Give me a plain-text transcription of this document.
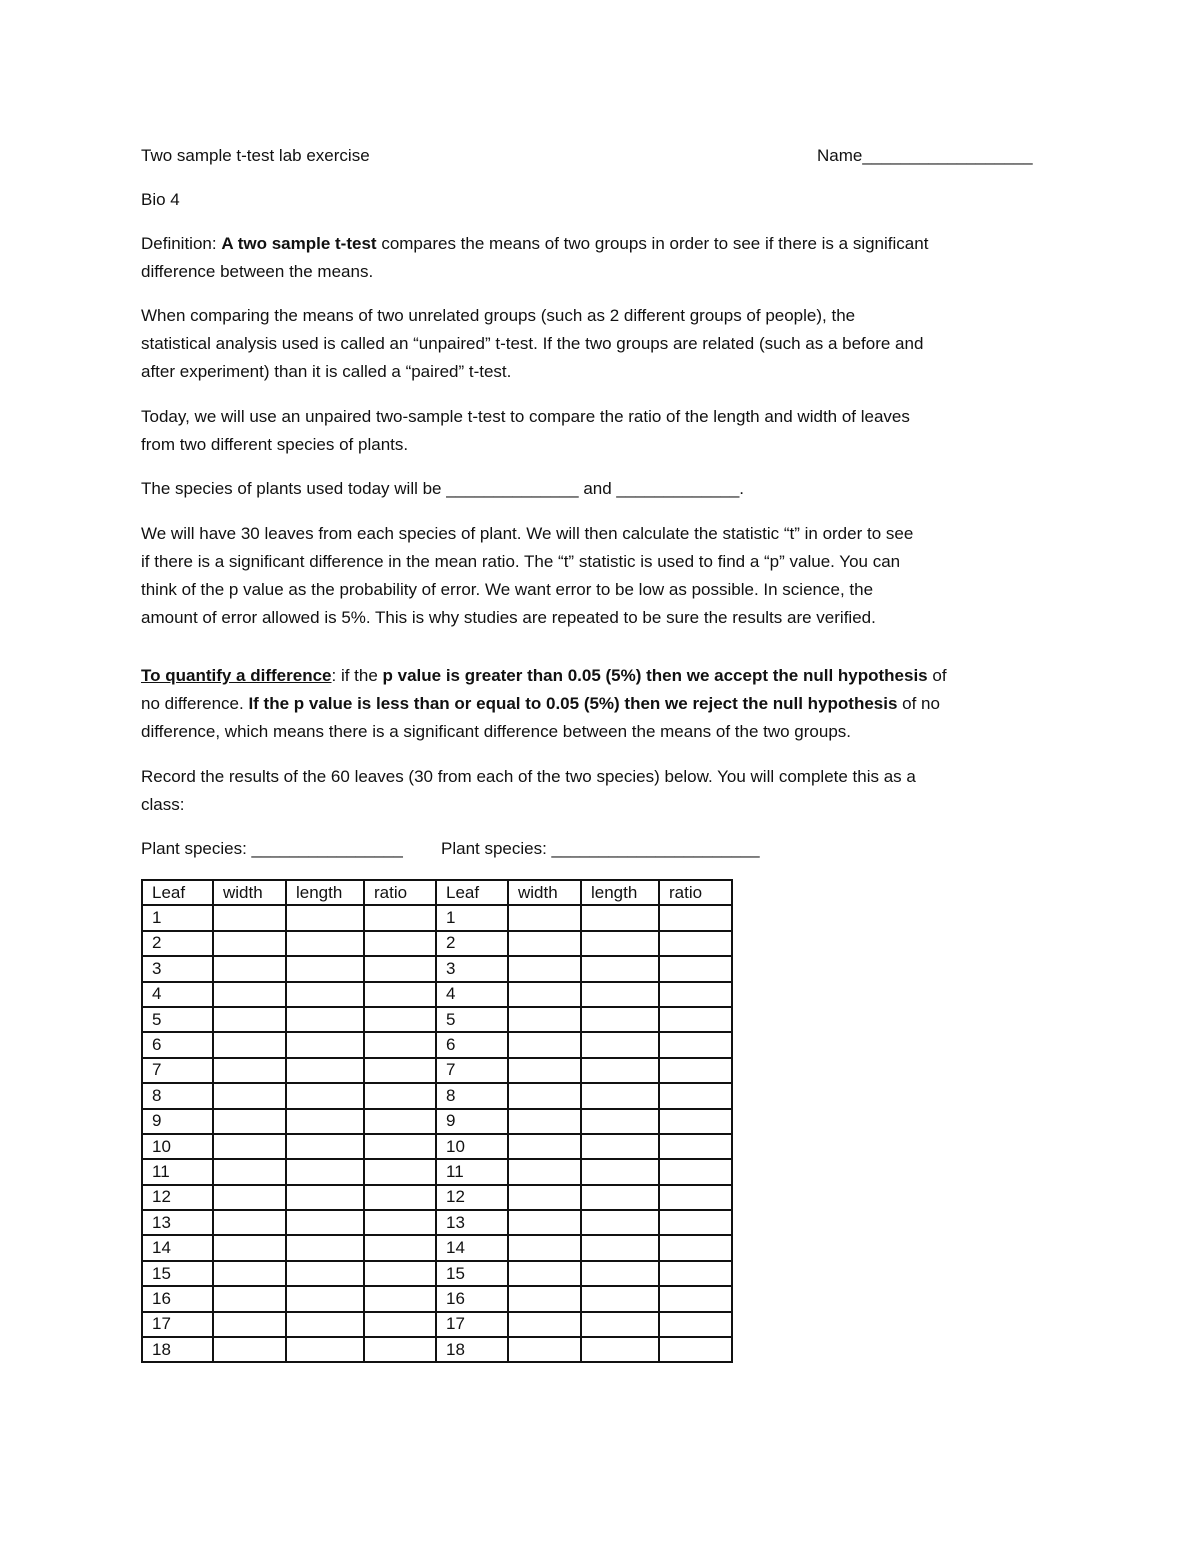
Two sample t-test lab exercise	Name__________________
Bio 4
Definition: A two sample t-test compares the means of two groups in order to see if there is a significant
difference between the means.
When comparing the means of two unrelated groups (such as 2 different groups of people), the
statistical analysis used is called an “unpaired” t-test. If the two groups are related (such as a before and
after experiment) than it is called a “paired” t-test.
Today, we will use an unpaired two-sample t-test to compare the ratio of the length and width of leaves
from two different species of plants.
The species of plants used today will be ______________ and _____________.
We will have 30 leaves from each species of plant. We will then calculate the statistic “t” in order to see
if there is a significant difference in the mean ratio. The “t” statistic is used to find a “p” value. You can
think of the p value as the probability of error. We want error to be low as possible. In science, the
amount of error allowed is 5%. This is why studies are repeated to be sure the results are verified.
To quantify a difference: if the p value is greater than 0.05 (5%) then we accept the null hypothesis of
no difference. If the p value is less than or equal to 0.05 (5%) then we reject the null hypothesis of no
difference, which means there is a significant difference between the means of the two groups.
Record the results of the 60 leaves (30 from each of the two species) below. You will complete this as a
class:
Plant species: ________________ Plant species: ______________________
Leaf	width	length	ratio	Leaf	width	length	ratio
1				1			
2				2			
3				3			
4				4			
5				5			
6				6			
7				7			
8				8			
9				9			
10				10			
11				11			
12				12			
13				13			
14				14			
15				15			
16				16			
17				17			
18				18			
